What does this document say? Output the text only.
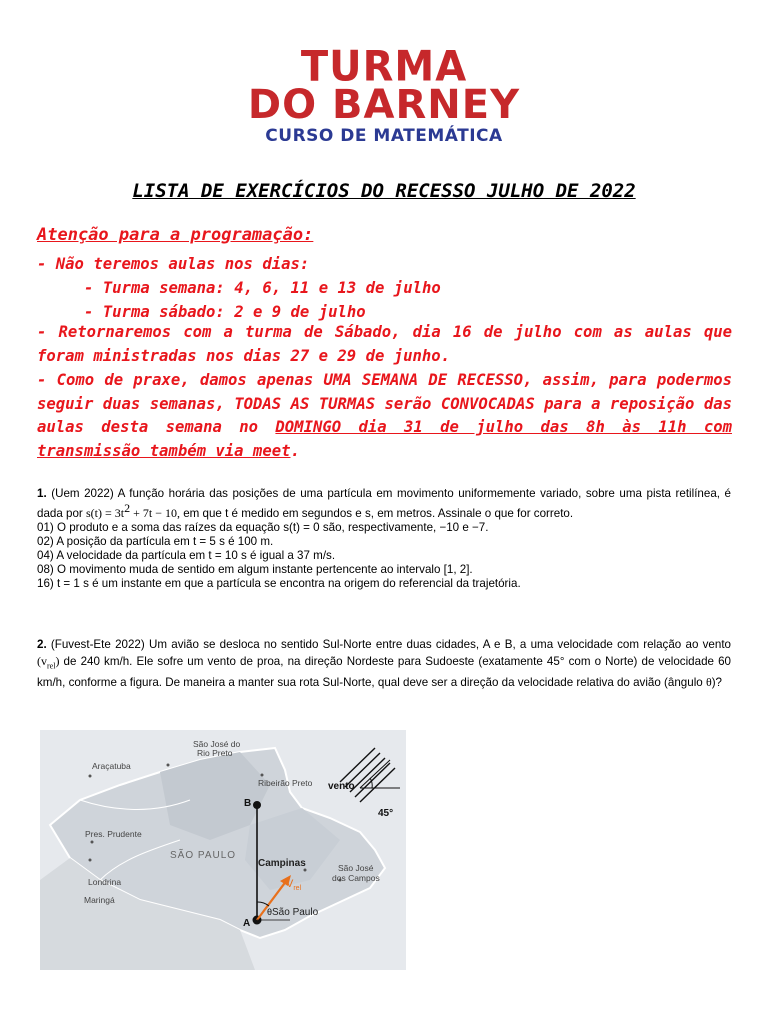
TURMA
DO BARNEY
CURSO DE MATEMÁTICA
LISTA DE EXERCÍCIOS DO RECESSO JULHO DE 2022
Atenção para a programação:
- Não teremos aulas nos dias:
- Turma semana: 4, 6, 11 e 13 de julho
- Turma sábado: 2 e 9 de julho
- Retornaremos com a turma de Sábado, dia 16 de julho com as aulas que foram ministradas nos dias 27 e 29 de junho.
- Como de praxe, damos apenas UMA SEMANA DE RECESSO, assim, para podermos seguir duas semanas, TODAS AS TURMAS serão CONVOCADAS para a reposição das aulas desta semana no DOMINGO dia 31 de julho das 8h às 11h com transmissão também via meet.
1. (Uem 2022) A função horária das posições de uma partícula em movimento uniformemente variado, sobre uma pista retilínea, é dada por $s(t) = 3t^2 + 7t - 10$, em que t é medido em segundos e s, em metros. Assinale o que for correto.
01) O produto e a soma das raízes da equação s(t) = 0 são, respectivamente, −10 e −7.
02) A posição da partícula em t = 5 s é 100 m.
04) A velocidade da partícula em t = 10 s é igual a 37 m/s.
08) O movimento muda de sentido em algum instante pertencente ao intervalo [1, 2].
16) t = 1 s é um instante em que a partícula se encontra na origem do referencial da trajetória.
2. (Fuvest-Ete 2022) Um avião se desloca no sentido Sul-Norte entre duas cidades, A e B, a uma velocidade com relação ao vento $(v_{rel})$ de 240 km/h. Ele sofre um vento de proa, na direção Nordeste para Sudoeste (exatamente 45° com o Norte) de velocidade 60 km/h, conforme a figura. De maneira a manter sua rota Sul-Norte, qual deve ser a direção da velocidade relativa do avião (ângulo θ)?
São José do
Rio Preto
Araçatuba
Ribeirão Preto
Pres. Prudente
SÃO PAULO
Londrina
Maringá
Campinas	São José
dos Campos
São Paulo
B
A
vento
45°
$V_{rel}$
θ
